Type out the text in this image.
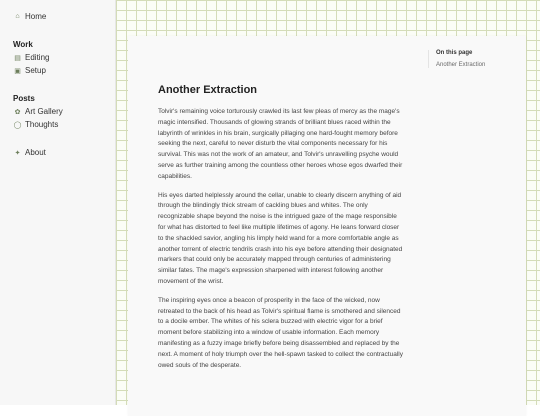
⌂ Home
Work
▤ Editing
▣ Setup
Posts
✿ Art Gallery
◯ Thoughts
✦ About
On this page
Another Extraction
Another Extraction

Tolvir's remaining voice torturously crawled its last few pleas of mercy as the mage's magic intensified. Thousands of glowing strands of brilliant blues raced within the labyrinth of wrinkles in his brain, surgically pillaging one hard-fought memory before seeking the next, careful to never disturb the vital components necessary for his survival. This was not the work of an amateur, and Tolvir's unravelling psyche would serve as further training among the countless other heroes whose egos dwarfed their capabilities.

His eyes darted helplessly around the cellar, unable to clearly discern anything of aid through the blindingly thick stream of cackling blues and whites. The only recognizable shape beyond the noise is the intrigued gaze of the mage responsible for what has distorted to feel like multiple lifetimes of agony. He leans forward closer to the shackled savior, angling his limply held wand for a more comfortable angle as another torrent of electric tendrils crash into his eye before attending their designated markers that could only be accurately mapped through centuries of administering similar fates. The mage's expression sharpened with interest following another movement of the wrist.

The inspiring eyes once a beacon of prosperity in the face of the wicked, now retreated to the back of his head as Tolvir's spiritual flame is smothered and silenced to a docile ember. The whites of his sclera buzzed with electric vigor for a brief moment before stabilizing into a window of usable information. Each memory manifesting as a fuzzy image briefly before being disassembled and replaced by the next. A moment of holy triumph over the hell-spawn tasked to collect the contractually owed souls of the desperate.
